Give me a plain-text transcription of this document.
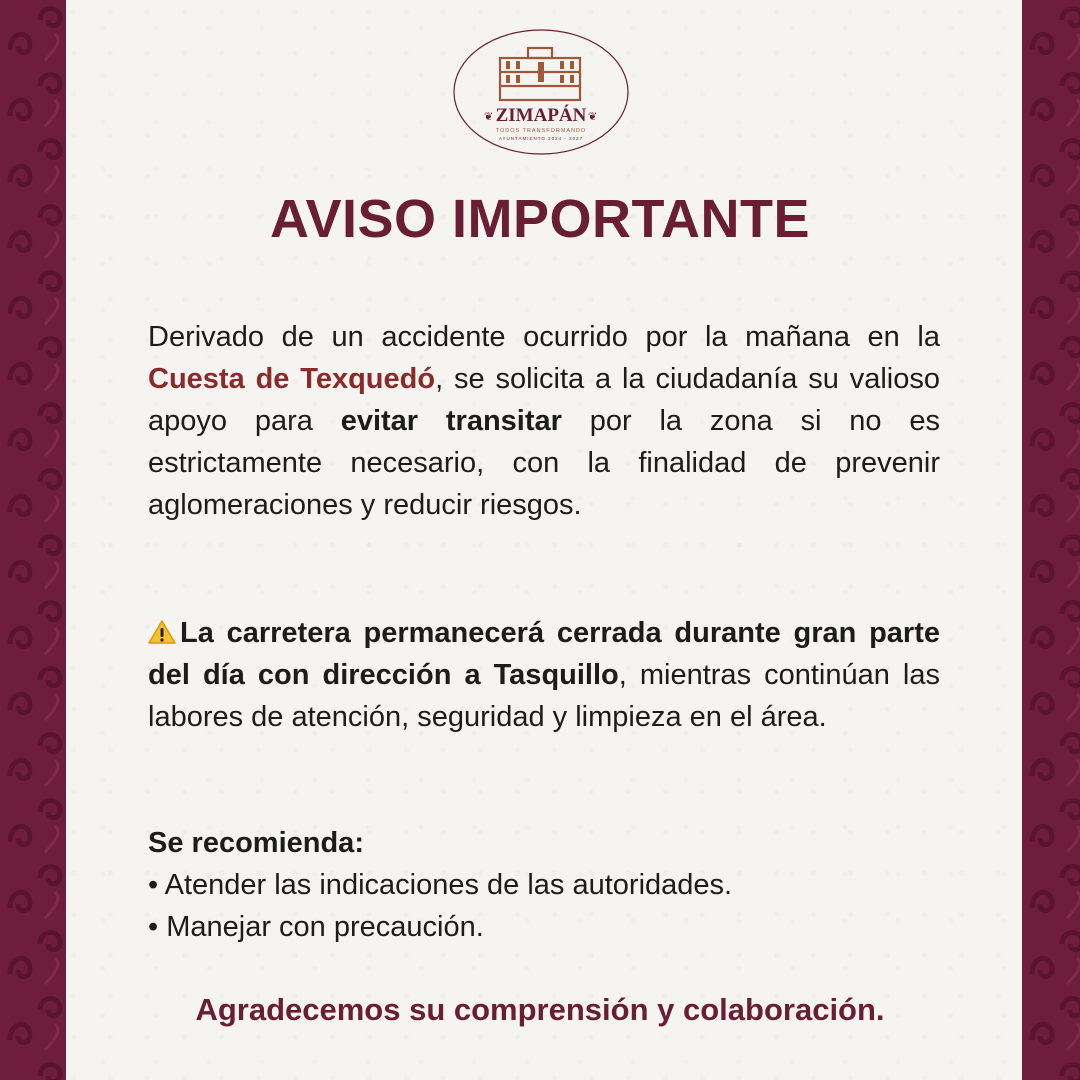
ZIMAPÁN
TODOS TRANSFORMANDO
AYUNTAMIENTO 2024 - 2027
❦	❦
AVISO IMPORTANTE

Derivado de un accidente ocurrido por la mañana en la Cuesta de Texquedó, se solicita a la ciudadanía su valioso apoyo para evitar transitar por la zona si no es estrictamente necesario, con la finalidad de prevenir aglomeraciones y reducir riesgos.

La carretera permanecerá cerrada durante gran parte del día con dirección a Tasquillo, mientras continúan las labores de atención, seguridad y limpieza en el área.

Se recomienda:
• Atender las indicaciones de las autoridades.
• Manejar con precaución.

Agradecemos su comprensión y colaboración.
